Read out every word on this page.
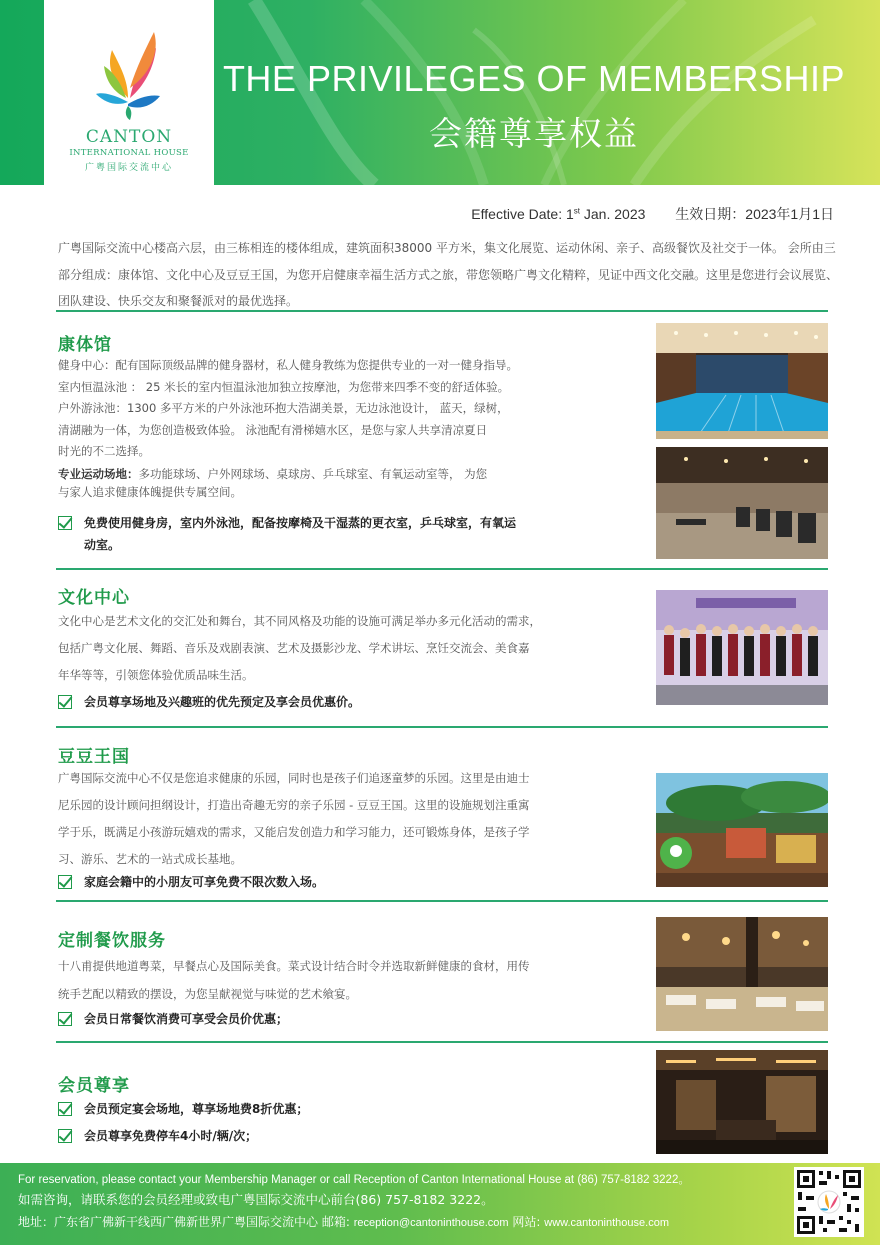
CANTON
INTERNATIONAL HOUSE
广粤国际交流中心
THE PRIVILEGES OF MEMBERSHIP
会籍尊享权益
Effective Date: 1st Jan. 2023 生效日期：2023年1月1日
广粤国际交流中心楼高六层，由三栋相连的楼体组成，建筑面积38000 平方米，集文化展览、运动休闲、亲子、高级餐饮及社交于一体。 会所由三部分组成：康体馆、文化中心及豆豆王国，为您开启健康幸福生活方式之旅，带您领略广粤文化精粹，见证中西文化交融。这里是您进行会议展览、团队建设、快乐交友和聚餐派对的最优选择。
康体馆
健身中心：配有国际顶级品牌的健身器材，私人健身教练为您提供专业的一对一健身指导。
室内恒温泳池 ： 25 米长的室内恒温泳池加独立按摩池，为您带来四季不变的舒适体验。
户外游泳池：1300 多平方米的户外泳池环抱大浩湖美景，无边泳池设计， 蓝天，绿树，
清湖融为一体，为您创造极致体验。 泳池配有滑梯嬉水区，是您与家人共享清凉夏日
时光的不二选择。
专业运动场地：多功能球场、户外网球场、桌球房、乒乓球室、有氧运动室等， 为您
与家人追求健康体魄提供专属空间。
免费使用健身房，室内外泳池，配备按摩椅及干湿蒸的更衣室，乒乓球室，有氧运
动室。
文化中心
文化中心是艺术文化的交汇处和舞台，其不同风格及功能的设施可满足举办多元化活动的需求，
包括广粤文化展、舞蹈、音乐及戏剧表演、艺术及摄影沙龙、学术讲坛、烹饪交流会、美食嘉
年华等等，引领您体验优质品味生活。
会员尊享场地及兴趣班的优先预定及享会员优惠价。
豆豆王国
广粤国际交流中心不仅是您追求健康的乐园，同时也是孩子们追逐童梦的乐园。这里是由迪士
尼乐园的设计顾问担纲设计，打造出奇趣无穷的亲子乐园 - 豆豆王国。这里的设施规划注重寓
学于乐，既满足小孩游玩嬉戏的需求，又能启发创造力和学习能力，还可锻炼身体，是孩子学
习、游乐、艺术的一站式成长基地。
家庭会籍中的小朋友可享免费不限次数入场。
定制餐饮服务
十八甫提供地道粤菜，早餐点心及国际美食。菜式设计结合时令并选取新鲜健康的食材，用传
统手艺配以精致的摆设，为您呈献视觉与味觉的艺术飨宴。
会员日常餐饮消费可享受会员价优惠；
会员尊享
会员预定宴会场地，尊享场地费8折优惠；
会员尊享免费停车4小时/辆/次；
For reservation, please contact your Membership Manager or call Reception of Canton International House at (86) 757-8182 3222。
如需咨询，请联系您的会员经理或致电广粤国际交流中心前台(86) 757-8182 3222。
地址：广东省广佛新干线西广佛新世界广粤国际交流中心 邮箱: reception@cantoninthouse.com 网站: www.cantoninthouse.com
